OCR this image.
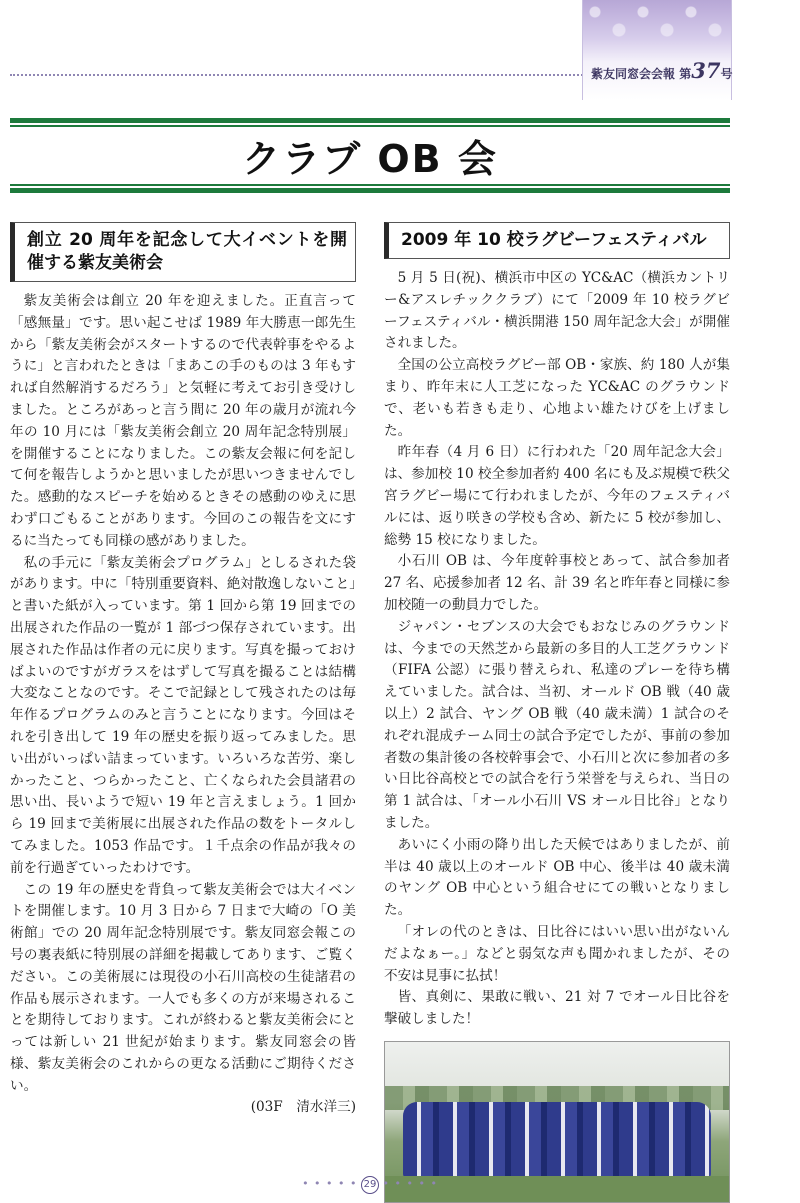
紫友同窓会会報 第37号
クラブ OB 会
創立 20 周年を記念して大イベントを開催する紫友美術会

紫友美術会は創立 20 年を迎えました。正直言って「感無量」です。思い起こせば 1989 年大勝恵一郎先生から「紫友美術会がスタートするので代表幹事をやるように」と言われたときは「まあこの手のものは 3 年もすれば自然解消するだろう」と気軽に考えてお引き受けしました。ところがあっと言う間に 20 年の歳月が流れ今年の 10 月には「紫友美術会創立 20 周年記念特別展」を開催することになりました。この紫友会報に何を記して何を報告しようかと思いましたが思いつきませんでした。感動的なスピーチを始めるときその感動のゆえに思わず口ごもることがあります。今回のこの報告を文にするに当たっても同様の感がありました。

私の手元に「紫友美術会プログラム」としるされた袋があります。中に「特別重要資料、絶対散逸しないこと」と書いた紙が入っています。第 1 回から第 19 回までの出展された作品の一覧が 1 部づつ保存されています。出展された作品は作者の元に戻ります。写真を撮っておけばよいのですがガラスをはずして写真を撮ることは結構大変なことなのです。そこで記録として残されたのは毎年作るプログラムのみと言うことになります。今回はそれを引き出して 19 年の歴史を振り返ってみました。思い出がいっぱい詰まっています。いろいろな苦労、楽しかったこと、つらかったこと、亡くなられた会員諸君の思い出、長いようで短い 19 年と言えましょう。1 回から 19 回まで美術展に出展された作品の数をトータルしてみました。1053 作品です。１千点余の作品が我々の前を行過ぎていったわけです。

この 19 年の歴史を背負って紫友美術会では大イベントを開催します。10 月 3 日から 7 日まで大崎の「O 美術館」での 20 周年記念特別展です。紫友同窓会報この号の裏表紙に特別展の詳細を掲載してあります、ご覧ください。この美術展には現役の小石川高校の生徒諸君の作品も展示されます。一人でも多くの方が来場されることを期待しております。これが終わると紫友美術会にとっては新しい 21 世紀が始まります。紫友同窓会の皆様、紫友美術会のこれからの更なる活動にご期待ください。

(03F　清水洋三)

2009 年 10 校ラグビーフェスティバル

5 月 5 日(祝)、横浜市中区の YC&AC（横浜カントリー&アスレチッククラブ）にて「2009 年 10 校ラグビーフェスティバル・横浜開港 150 周年記念大会」が開催されました。

全国の公立高校ラグビー部 OB・家族、約 180 人が集まり、昨年末に人工芝になった YC&AC のグラウンドで、老いも若きも走り、心地よい雄たけびを上げました。

昨年春（4 月 6 日）に行われた「20 周年記念大会」は、参加校 10 校全参加者約 400 名にも及ぶ規模で秩父宮ラグビー場にて行われましたが、今年のフェスティバルには、返り咲きの学校も含め、新たに 5 校が参加し、総勢 15 校になりました。

小石川 OB は、今年度幹事校とあって、試合参加者 27 名、応援参加者 12 名、計 39 名と昨年春と同様に参加校随一の動員力でした。

ジャパン・セブンスの大会でもおなじみのグラウンドは、今までの天然芝から最新の多目的人工芝グラウンド（FIFA 公認）に張り替えられ、私達のプレーを待ち構えていました。試合は、当初、オールド OB 戦（40 歳以上）2 試合、ヤング OB 戦（40 歳未満）1 試合のそれぞれ混成チーム同士の試合予定でしたが、事前の参加者数の集計後の各校幹事会で、小石川と次に参加者の多い日比谷高校とでの試合を行う栄誉を与えられ、当日の第 1 試合は、「オール小石川 VS オール日比谷」となりました。

あいにく小雨の降り出した天候ではありましたが、前半は 40 歳以上のオールド OB 中心、後半は 40 歳未満のヤング OB 中心という組合せにての戦いとなりました。

「オレの代のときは、日比谷にはいい思い出がないんだよなぁー。」などと弱気な声も聞かれましたが、その不安は見事に払拭！

皆、真剣に、果敢に戦い、21 対 7 でオール日比谷を撃破しました！

• • • • • 29 • • • • •
